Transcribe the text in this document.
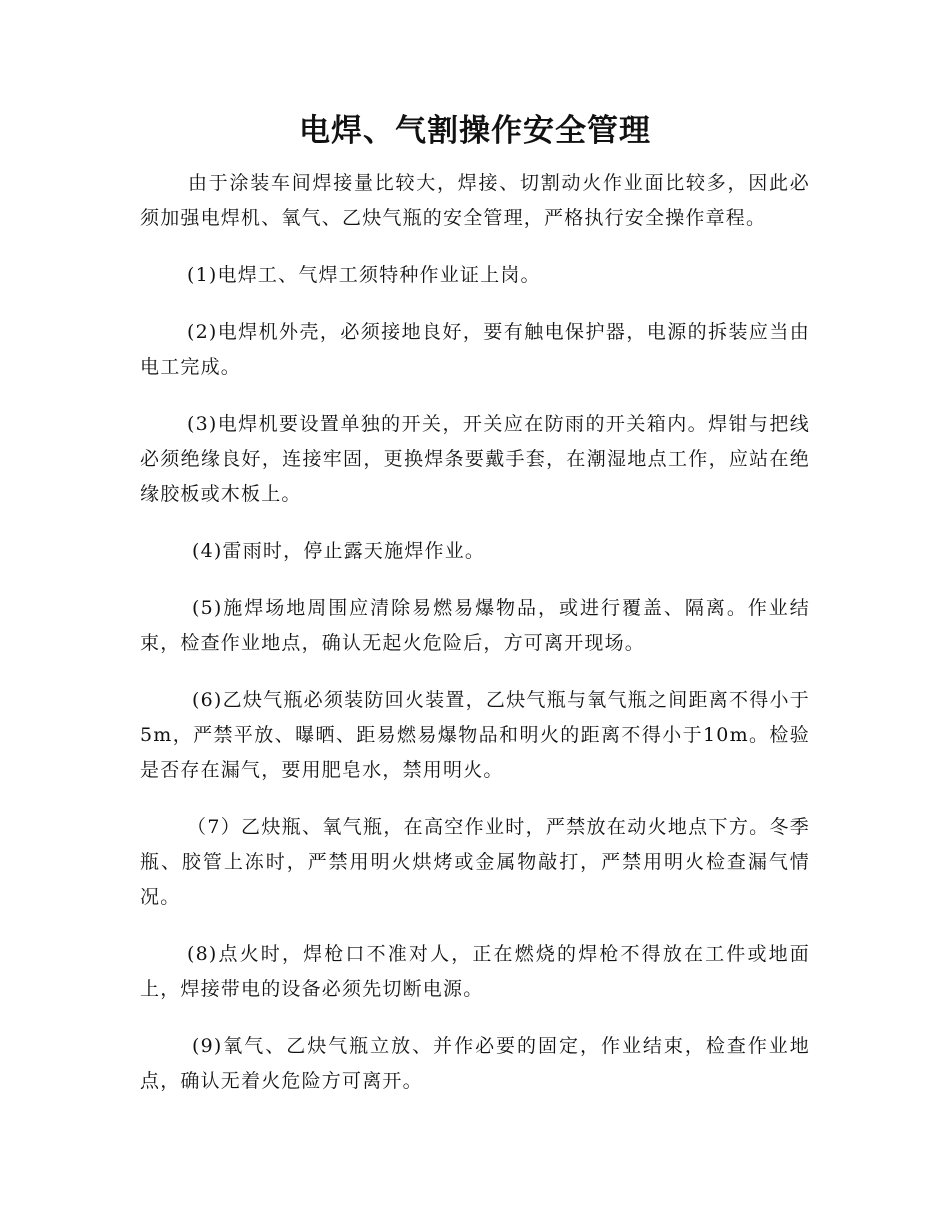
电焊、气割操作安全管理

由于涂装车间焊接量比较大，焊接、切割动火作业面比较多，因此必须加强电焊机、氧气、乙炔气瓶的安全管理，严格执行安全操作章程。

(1)电焊工、气焊工须特种作业证上岗。

(2)电焊机外壳，必须接地良好，要有触电保护器，电源的拆装应当由电工完成。

(3)电焊机要设置单独的开关，开关应在防雨的开关箱内。焊钳与把线必须绝缘良好，连接牢固，更换焊条要戴手套，在潮湿地点工作，应站在绝缘胶板或木板上。

(4)雷雨时，停止露天施焊作业。

(5)施焊场地周围应清除易燃易爆物品，或进行覆盖、隔离。作业结束，检查作业地点，确认无起火危险后，方可离开现场。

(6)乙炔气瓶必须装防回火装置，乙炔气瓶与氧气瓶之间距离不得小于5m，严禁平放、曝晒、距易燃易爆物品和明火的距离不得小于10m。检验是否存在漏气，要用肥皂水，禁用明火。

（7）乙炔瓶、氧气瓶，在高空作业时，严禁放在动火地点下方。冬季瓶、胶管上冻时，严禁用明火烘烤或金属物敲打，严禁用明火检查漏气情况。

(8)点火时，焊枪口不准对人，正在燃烧的焊枪不得放在工件或地面上，焊接带电的设备必须先切断电源。

(9)氧气、乙炔气瓶立放、并作必要的固定，作业结束，检查作业地点，确认无着火危险方可离开。
